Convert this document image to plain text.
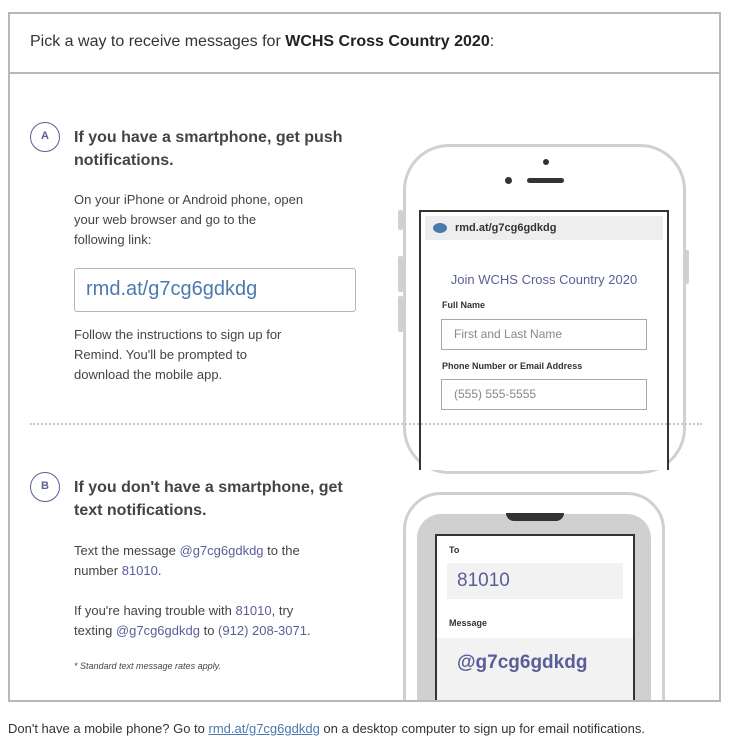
Pick a way to receive messages for WCHS Cross Country 2020:
A	If you have a smartphone, get push notifications.
On your iPhone or Android phone, open your web browser and go to the following link:
rmd.at/g7cg6gdkdg
Follow the instructions to sign up for Remind. You'll be prompted to download the mobile app.
rmd.at/g7cg6gdkdg
Join WCHS Cross Country 2020
Full Name
First and Last Name
Phone Number or Email Address
(555) 555-5555
B	If you don't have a smartphone, get text notifications.
Text the message @g7cg6gdkdg to the number 81010.
If you're having trouble with 81010, try texting @g7cg6gdkdg to (912) 208-3071.
* Standard text message rates apply.
To
81010
Message
@g7cg6gdkdg
Don't have a mobile phone? Go to rmd.at/g7cg6gdkdg on a desktop computer to sign up for email notifications.
